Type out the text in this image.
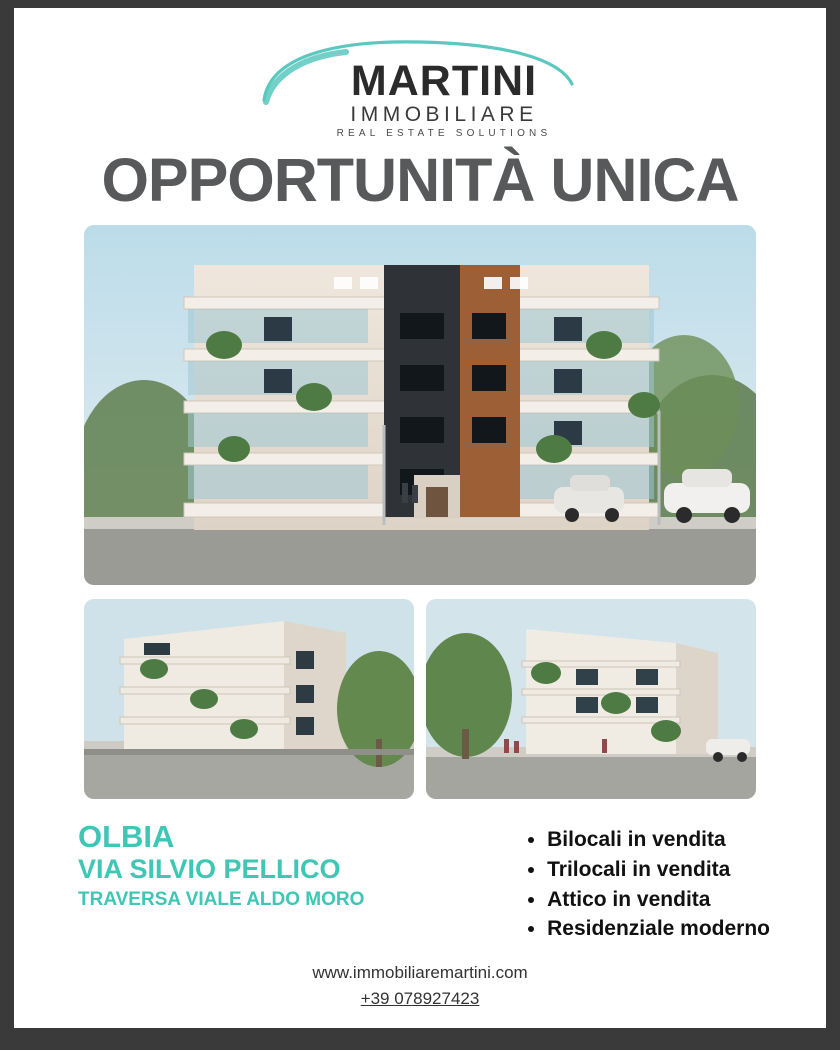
MARTINI
IMMOBILIARE
REAL ESTATE SOLUTIONS
OPPORTUNITÀ UNICA
OLBIA
VIA SILVIO PELLICO
TRAVERSA VIALE ALDO MORO
• Bilocali in vendita
• Trilocali in vendita
• Attico in vendita
• Residenziale moderno
www.immobiliaremartini.com
+39 078927423
